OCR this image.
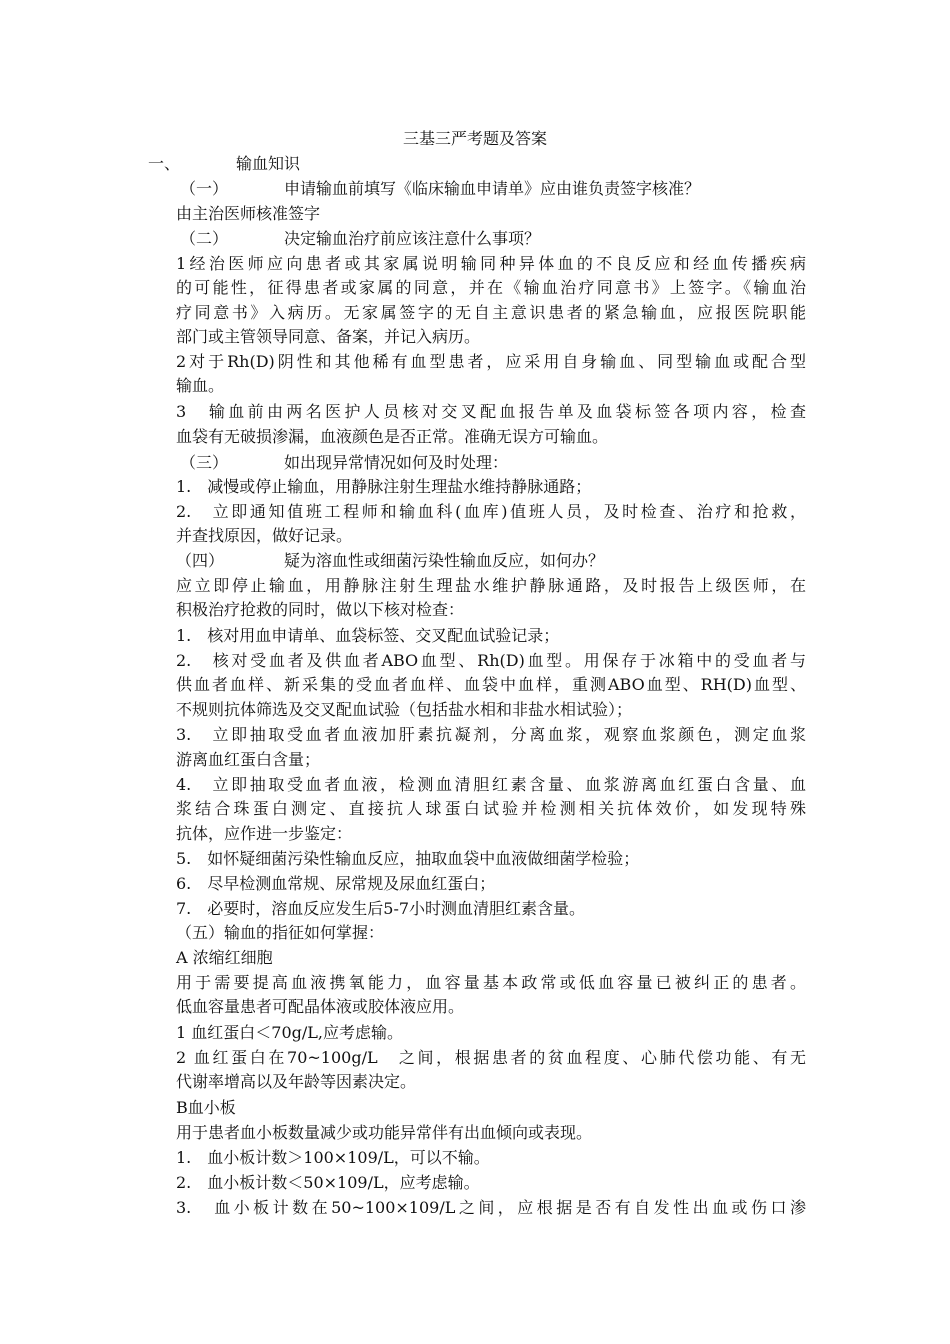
三基三严考题及答案
一、	输血知识
（一）	申请输血前填写《临床输血申请单》应由谁负责签字核准？
由主治医师核准签字
（二）	决定输血治疗前应该注意什么事项？
1经治医师应向患者或其家属说明输同种异体血的不良反应和经血传播疾病
的可能性，征得患者或家属的同意，并在《输血治疗同意书》上签字。《输血治
疗同意书》入病历。无家属签字的无自主意识患者的紧急输血，应报医院职能
部门或主管领导同意、备案，并记入病历。
2对于Rh(D)阴性和其他稀有血型患者，应采用自身输血、同型输血或配合型
输血。
3　输血前由两名医护人员核对交叉配血报告单及血袋标签各项内容，检查
血袋有无破损渗漏，血液颜色是否正常。准确无误方可输血。
（三）	如出现异常情况如何及时处理：
1.　减慢或停止输血，用静脉注射生理盐水维持静脉通路；
2.　立即通知值班工程师和输血科(血库)值班人员，及时检查、治疗和抢救，
并查找原因，做好记录。
（四）	疑为溶血性或细菌污染性输血反应，如何办？
应立即停止输血，用静脉注射生理盐水维护静脉通路，及时报告上级医师，在
积极治疗抢救的同时，做以下核对检查：
1.　核对用血申请单、血袋标签、交叉配血试验记录；
2.　核对受血者及供血者ABO血型、Rh(D)血型。用保存于冰箱中的受血者与
供血者血样、新采集的受血者血样、血袋中血样，重测ABO血型、RH(D)血型、
不规则抗体筛选及交叉配血试验（包括盐水相和非盐水相试验）；
3.　立即抽取受血者血液加肝素抗凝剂，分离血浆，观察血浆颜色，测定血浆
游离血红蛋白含量；
4.　立即抽取受血者血液，检测血清胆红素含量、血浆游离血红蛋白含量、血
浆结合珠蛋白测定、直接抗人球蛋白试验并检测相关抗体效价，如发现特殊
抗体，应作进一步鉴定：
5.　如怀疑细菌污染性输血反应，抽取血袋中血液做细菌学检验；
6.　尽早检测血常规、尿常规及尿血红蛋白；
7.　必要时，溶血反应发生后5-7小时测血清胆红素含量。
（五）输血的指征如何掌握：
A 浓缩红细胞
用于需要提高血液携氧能力，血容量基本政常或低血容量已被纠正的患者。
低血容量患者可配晶体液或胶体液应用。
1 血红蛋白＜70g/L,应考虑输。
2 血红蛋白在70~100g/L　之间，根据患者的贫血程度、心肺代偿功能、有无
代谢率增高以及年龄等因素决定。
B血小板
用于患者血小板数量减少或功能异常伴有出血倾向或表现。
1.　血小板计数＞100×109/L，可以不输。
2.　血小板计数＜50×109/L，应考虑输。
3.　血小板计数在50~100×109/L之间，应根据是否有自发性出血或伤口渗
